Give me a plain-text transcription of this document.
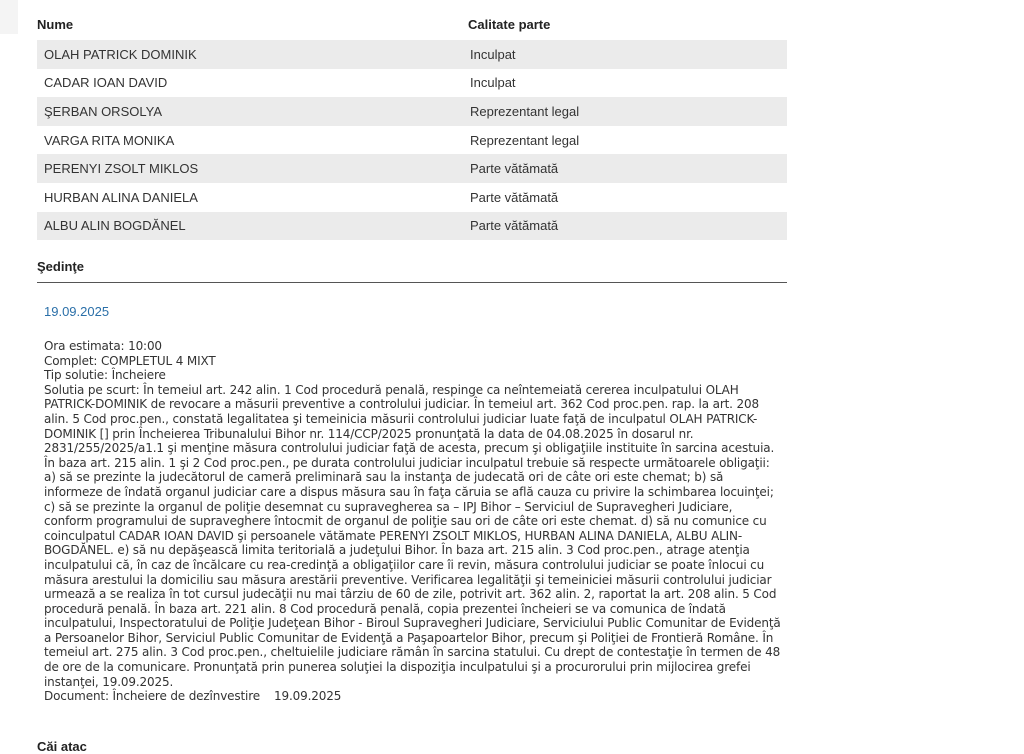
Nume	Calitate parte
OLAH PATRICK DOMINIK	Inculpat
CADAR IOAN DAVID	Inculpat
ŞERBAN ORSOLYA	Reprezentant legal
VARGA RITA MONIKA	Reprezentant legal
PERENYI ZSOLT MIKLOS	Parte vătămată
HURBAN ALINA DANIELA	Parte vătămată
ALBU ALIN BOGDĂNEL	Parte vătămată
Şedinţe
19.09.2025
Ora estimata: 10:00
Complet: COMPLETUL 4 MIXT
Tip solutie: Încheiere
Solutia pe scurt: În temeiul art. 242 alin. 1 Cod procedură penală, respinge ca neîntemeiată cererea inculpatului OLAH PATRICK-DOMINIK de revocare a măsurii preventive a controlului judiciar. În temeiul art. 362 Cod proc.pen. rap. la art. 208 alin. 5 Cod proc.pen., constată legalitatea şi temeinicia măsurii controlului judiciar luate faţă de inculpatul OLAH PATRICK-DOMINIK [] prin Încheierea Tribunalului Bihor nr. 114/CCP/2025 pronunţată la data de 04.08.2025 în dosarul nr. 2831/255/2025/a1.1 şi menţine măsura controlului judiciar faţă de acesta, precum şi obligaţiile instituite în sarcina acestuia. În baza art. 215 alin. 1 şi 2 Cod proc.pen., pe durata controlului judiciar inculpatul trebuie să respecte următoarele obligaţii: a) să se prezinte la judecătorul de cameră preliminară sau la instanţa de judecată ori de câte ori este chemat; b) să informeze de îndată organul judiciar care a dispus măsura sau în faţa căruia se află cauza cu privire la schimbarea locuinţei; c) să se prezinte la organul de poliţie desemnat cu supravegherea sa – IPJ Bihor – Serviciul de Supravegheri Judiciare, conform programului de supraveghere întocmit de organul de poliţie sau ori de câte ori este chemat. d) să nu comunice cu coinculpatul CADAR IOAN DAVID şi persoanele vătămate PERENYI ZSOLT MIKLOS, HURBAN ALINA DANIELA, ALBU ALIN-BOGDĂNEL. e) să nu depăşească limita teritorială a judeţului Bihor. În baza art. 215 alin. 3 Cod proc.pen., atrage atenţia inculpatului că, în caz de încălcare cu rea-credinţă a obligaţiilor care îi revin, măsura controlului judiciar se poate înlocui cu măsura arestului la domiciliu sau măsura arestării preventive. Verificarea legalităţii şi temeiniciei măsurii controlului judiciar urmează a se realiza în tot cursul judecăţii nu mai târziu de 60 de zile, potrivit art. 362 alin. 2, raportat la art. 208 alin. 5 Cod procedură penală. În baza art. 221 alin. 8 Cod procedură penală, copia prezentei încheieri se va comunica de îndată inculpatului, Inspectoratului de Poliţie Judeţean Bihor - Biroul Supravegheri Judiciare, Serviciului Public Comunitar de Evidenţă a Persoanelor Bihor, Serviciul Public Comunitar de Evidenţă a Paşapoartelor Bihor, precum şi Poliţiei de Frontieră Române. În temeiul art. 275 alin. 3 Cod proc.pen., cheltuielile judiciare rămân în sarcina statului. Cu drept de contestaţie în termen de 48 de ore de la comunicare. Pronunţată prin punerea soluţiei la dispoziţia inculpatului şi a procurorului prin mijlocirea grefei instanţei, 19.09.2025.
Document: Încheiere de dezînvestire 19.09.2025
Căi atac
